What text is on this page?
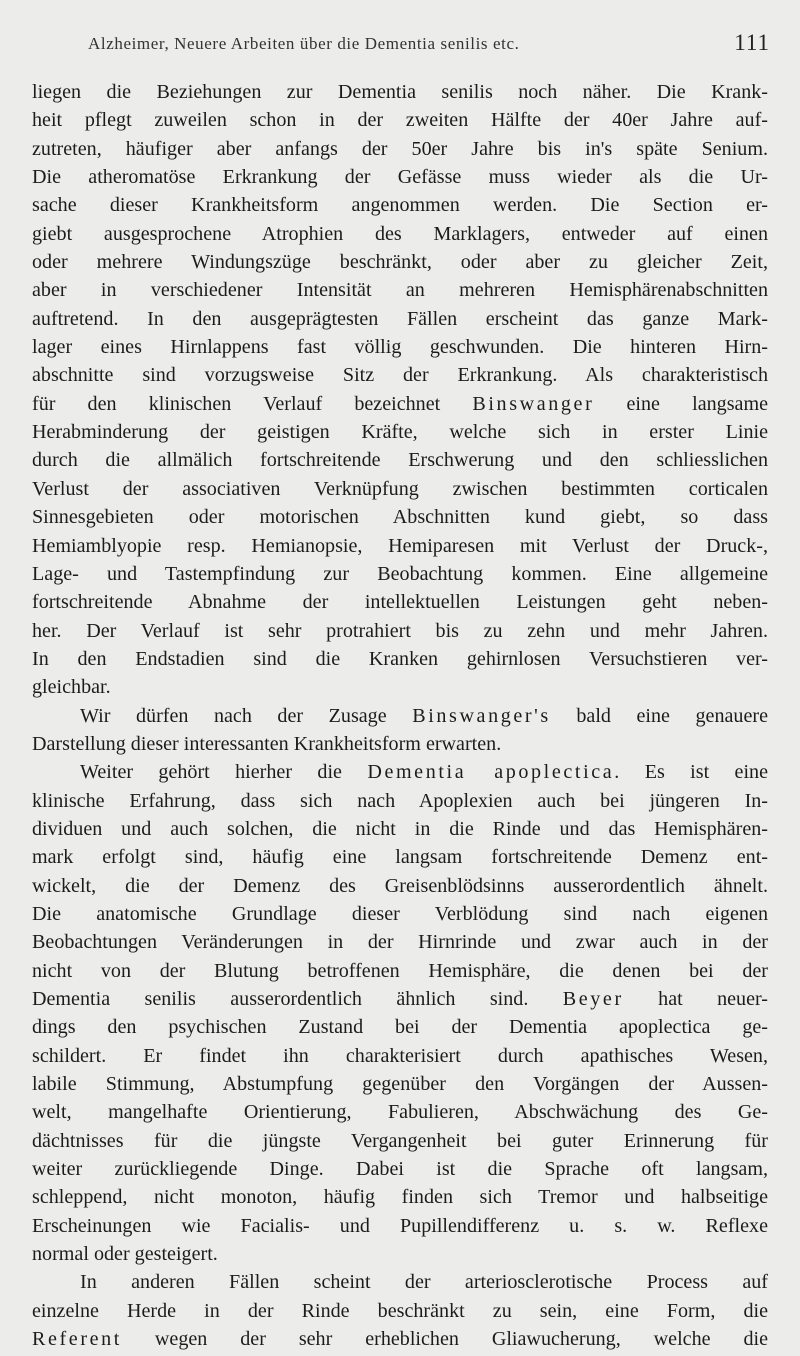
Alzheimer, Neuere Arbeiten über die Dementia senilis etc.	111
liegen die Beziehungen zur Dementia senilis noch näher. Die Krank-
heit pflegt zuweilen schon in der zweiten Hälfte der 40er Jahre auf-
zutreten, häufiger aber anfangs der 50er Jahre bis in's späte Senium.
Die atheromatöse Erkrankung der Gefässe muss wieder als die Ur-
sache dieser Krankheitsform angenommen werden. Die Section er-
giebt ausgesprochene Atrophien des Marklagers, entweder auf einen
oder mehrere Windungszüge beschränkt, oder aber zu gleicher Zeit,
aber in verschiedener Intensität an mehreren Hemisphärenabschnitten
auftretend. In den ausgeprägtesten Fällen erscheint das ganze Mark-
lager eines Hirnlappens fast völlig geschwunden. Die hinteren Hirn-
abschnitte sind vorzugsweise Sitz der Erkrankung. Als charakteristisch
für den klinischen Verlauf bezeichnet Binswanger eine langsame
Herabminderung der geistigen Kräfte, welche sich in erster Linie
durch die allmälich fortschreitende Erschwerung und den schliesslichen
Verlust der associativen Verknüpfung zwischen bestimmten corticalen
Sinnesgebieten oder motorischen Abschnitten kund giebt, so dass
Hemiamblyopie resp. Hemianopsie, Hemiparesen mit Verlust der Druck-,
Lage- und Tastempfindung zur Beobachtung kommen. Eine allgemeine
fortschreitende Abnahme der intellektuellen Leistungen geht neben-
her. Der Verlauf ist sehr protrahiert bis zu zehn und mehr Jahren.
In den Endstadien sind die Kranken gehirnlosen Versuchstieren ver-
gleichbar.
Wir dürfen nach der Zusage Binswanger's bald eine genauere
Darstellung dieser interessanten Krankheitsform erwarten.
Weiter gehört hierher die Dementia apoplectica. Es ist eine
klinische Erfahrung, dass sich nach Apoplexien auch bei jüngeren In-
dividuen und auch solchen, die nicht in die Rinde und das Hemisphären-
mark erfolgt sind, häufig eine langsam fortschreitende Demenz ent-
wickelt, die der Demenz des Greisenblödsinns ausserordentlich ähnelt.
Die anatomische Grundlage dieser Verblödung sind nach eigenen
Beobachtungen Veränderungen in der Hirnrinde und zwar auch in der
nicht von der Blutung betroffenen Hemisphäre, die denen bei der
Dementia senilis ausserordentlich ähnlich sind. Beyer hat neuer-
dings den psychischen Zustand bei der Dementia apoplectica ge-
schildert. Er findet ihn charakterisiert durch apathisches Wesen,
labile Stimmung, Abstumpfung gegenüber den Vorgängen der Aussen-
welt, mangelhafte Orientierung, Fabulieren, Abschwächung des Ge-
dächtnisses für die jüngste Vergangenheit bei guter Erinnerung für
weiter zurückliegende Dinge. Dabei ist die Sprache oft langsam,
schleppend, nicht monoton, häufig finden sich Tremor und halbseitige
Erscheinungen wie Facialis- und Pupillendifferenz u. s. w. Reflexe
normal oder gesteigert.
In anderen Fällen scheint der arteriosclerotische Process auf
einzelne Herde in der Rinde beschränkt zu sein, eine Form, die
Referent wegen der sehr erheblichen Gliawucherung, welche die
